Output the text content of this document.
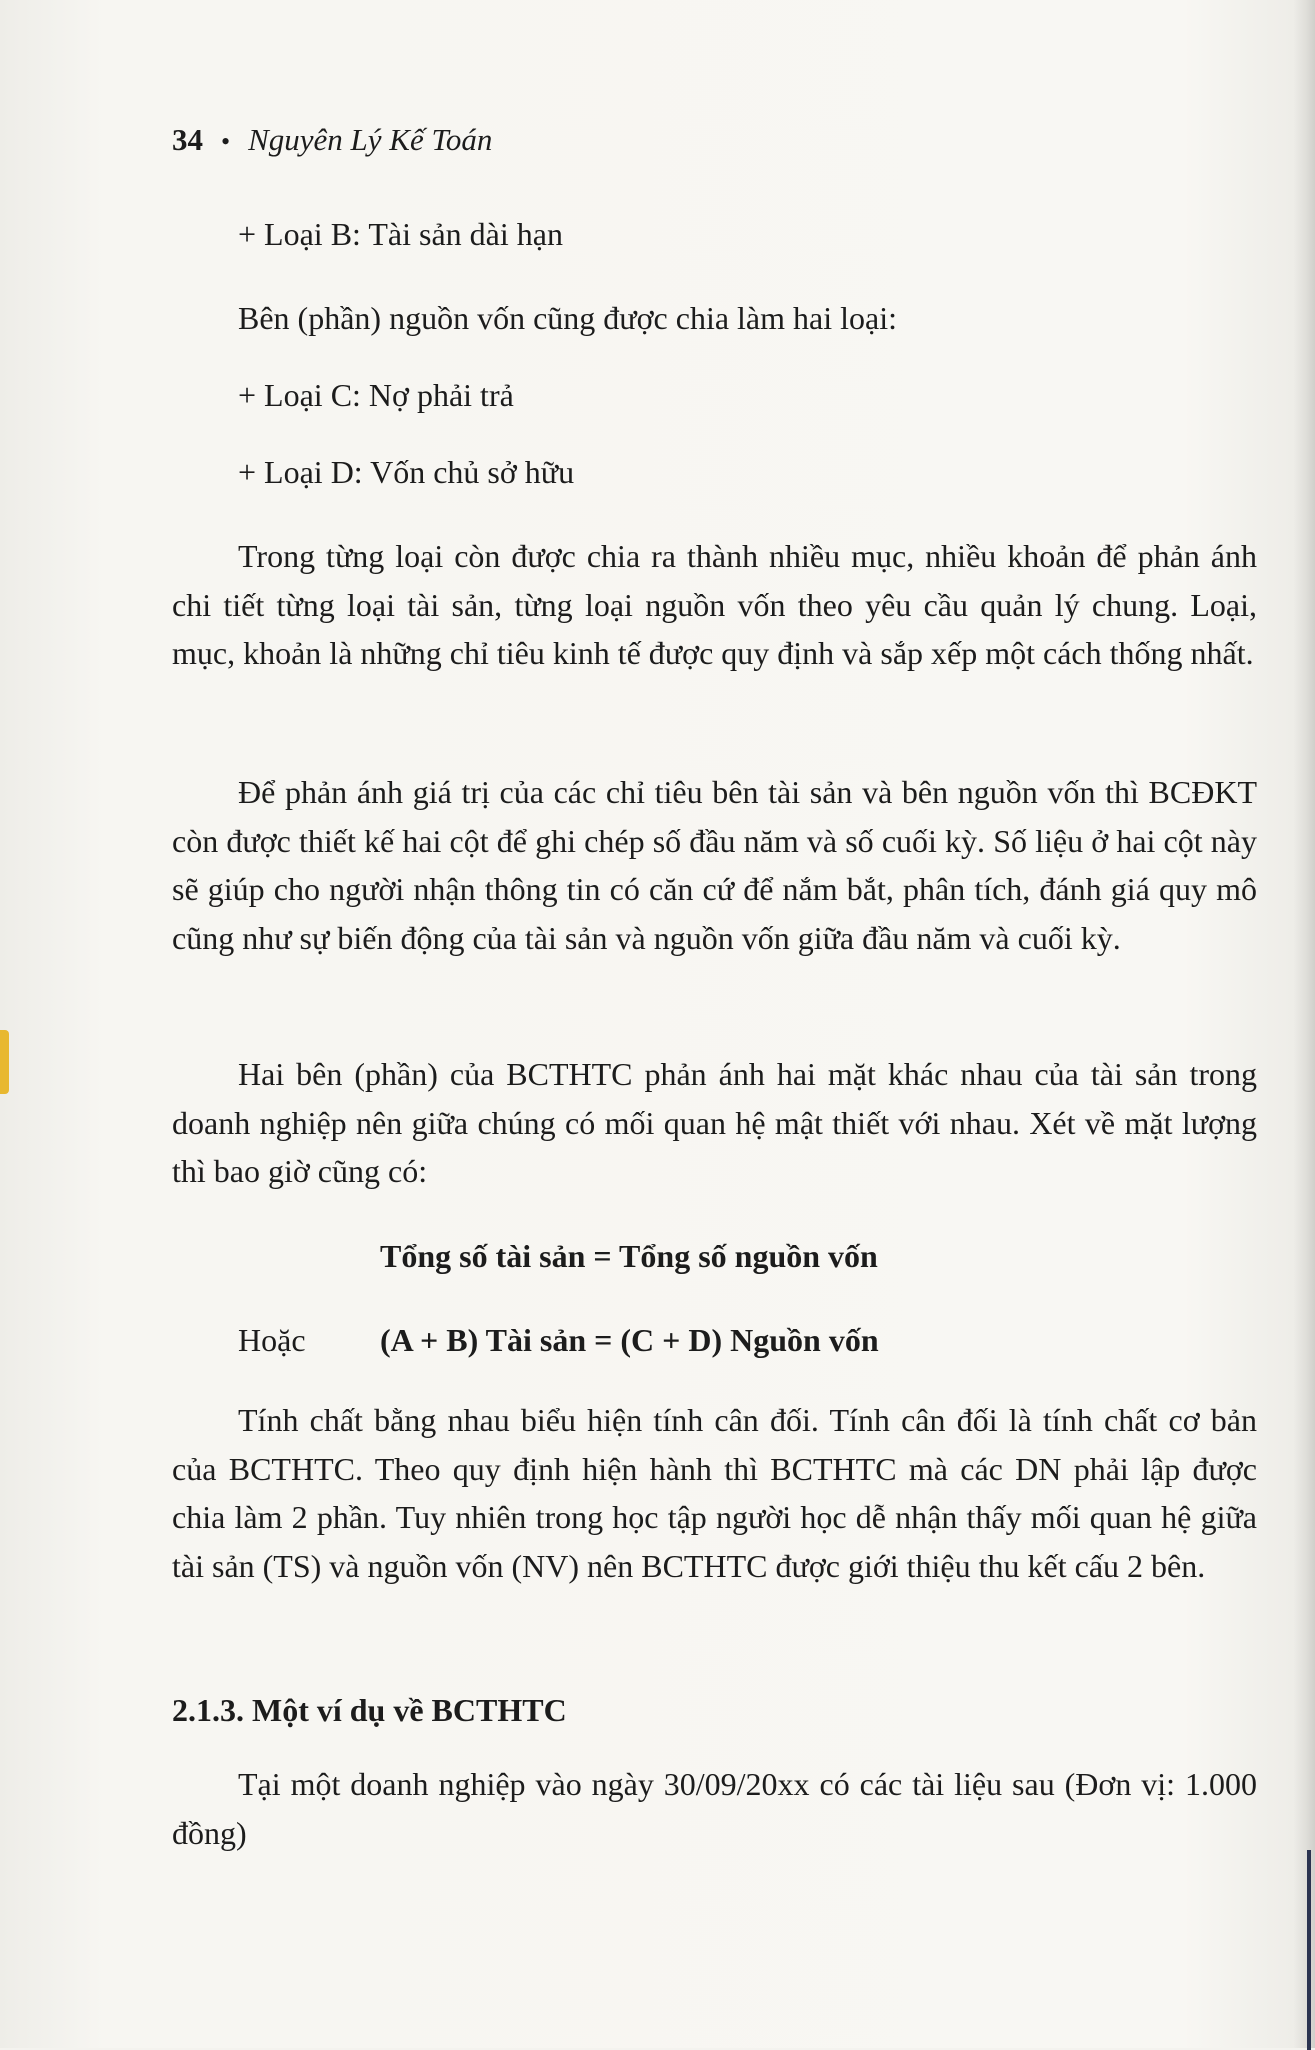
34 • Nguyên Lý Kế Toán
+ Loại B: Tài sản dài hạn
Bên (phần) nguồn vốn cũng được chia làm hai loại:
+ Loại C: Nợ phải trả
+ Loại D: Vốn chủ sở hữu
Trong từng loại còn được chia ra thành nhiều mục, nhiều khoản để phản ánh chi tiết từng loại tài sản, từng loại nguồn vốn theo yêu cầu quản lý chung. Loại, mục, khoản là những chỉ tiêu kinh tế được quy định và sắp xếp một cách thống nhất.
Để phản ánh giá trị của các chỉ tiêu bên tài sản và bên nguồn vốn thì BCĐKT còn được thiết kế hai cột để ghi chép số đầu năm và số cuối kỳ. Số liệu ở hai cột này sẽ giúp cho người nhận thông tin có căn cứ để nắm bắt, phân tích, đánh giá quy mô cũng như sự biến động của tài sản và nguồn vốn giữa đầu năm và cuối kỳ.
Hai bên (phần) của BCTHTC phản ánh hai mặt khác nhau của tài sản trong doanh nghiệp nên giữa chúng có mối quan hệ mật thiết với nhau. Xét về mặt lượng thì bao giờ cũng có:
Tổng số tài sản = Tổng số nguồn vốn
Hoặc (A + B) Tài sản = (C + D) Nguồn vốn
Tính chất bằng nhau biểu hiện tính cân đối. Tính cân đối là tính chất cơ bản của BCTHTC. Theo quy định hiện hành thì BCTHTC mà các DN phải lập được chia làm 2 phần. Tuy nhiên trong học tập người học dễ nhận thấy mối quan hệ giữa tài sản (TS) và nguồn vốn (NV) nên BCTHTC được giới thiệu thu kết cấu 2 bên.
2.1.3. Một ví dụ về BCTHTC
Tại một doanh nghiệp vào ngày 30/09/20xx có các tài liệu sau (Đơn vị: 1.000 đồng)
